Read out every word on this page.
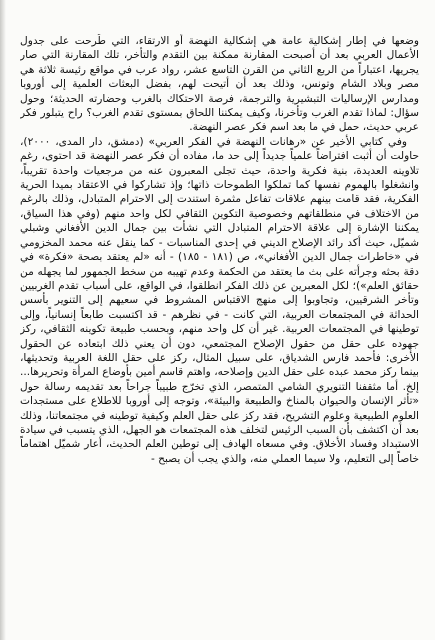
وضعها في إطار إشكالية عامة هي إشكالية النهضة أو الارتقاء، التي طُرحت على جدول الأعمال العربي بعد أن أصبحت المقارنة ممكنة بين التقدم والتأخر، تلك المقارنة التي صار يجريها، اعتباراً من الربع الثاني من القرن التاسع عشر، رواد عرب في مواقع رئيسة ثلاثة هي مصر وبلاد الشام وتونس، وذلك بعد أن أتيحت لهم، بفضل البعثات العلمية إلى أوروبا ومدارس الإرساليات التبشيرية والترجمة، فرصة الاحتكاك بالغرب وحضارته الحديثة؛ وحول سؤال: لماذا تقدم الغرب وتأخرنا، وكيف يمكننا اللحاق بمستوى تقدم الغرب؟ راح يتبلور فكر عربي حديث، حمل في ما بعد اسم فكر عصر النهضة.

وفي كتابي الأخير عن «رهانات النهضة في الفكر العربي» (دمشق، دار المدى، ٢٠٠٠)، حاولت أن أثبت افتراضاً علمياً جديداً إلى حد ما، مفاده أن فكر عصر النهضة قد احتوى، رغم تلاوينه العديدة، بنية فكرية واحدة، حيث تجلى المعبرون عنه من مرجعيات واحدة تقريباً، وانشغلوا بالهموم نفسها كما تملكوا الطموحات ذاتها؛ وإذ تشاركوا في الاعتقاد بميدا الحرية الفكرية، فقد قامت بينهم علاقات تفاعل مثمرة استندت إلى الاحترام المتبادل، وذلك بالرغم من الاختلاف في منطلقاتهم وخصوصية التكوين الثقافي لكل واحد منهم (وفي هذا السياق، يمكننا الإشارة إلى علاقة الاحترام المتبادل التي نشأت بين جمال الدين الأفغاني وشبلي شميّل، حيث أكد رائد الإصلاح الديني في إحدى المناسبات - كما ينقل عنه محمد المخزومي في «خاطرات جمال الدين الأفغاني»، ص (١٨١ - ١٨٥) - أنه «لم يعتقد بصحة «فكرة» في دقة بحثه وجرأته على بث ما يعتقد من الحكمة وعدم تهيبه من سخط الجمهور لما يجهله من حقائق العلم»)؛ لكل المعبرين عن ذلك الفكر انطلقوا، في الواقع، على أسباب تقدم الغربيين وتأخر الشرقيين، وتجاوبوا إلى منهج الاقتباس المشروط في سعيهم إلى التنوير بأسس الحداثة في المجتمعات العربية، التي كانت - في نظرهم - قد اكتسبت طابعاً إنسانياً، وإلى توطينها في المجتمعات العربية. غير أن كل واحد منهم، وبحسب طبيعة تكوينه الثقافي، ركز جهوده على حقل من حقول الإصلاح المجتمعي، دون أن يعني ذلك ابتعاده عن الحقول الأخرى: فأحمد فارس الشدياق، على سبيل المثال، ركز على حقل اللغة العربية وتحديثها، بينما ركز محمد عبده على حقل الدين وإصلاحه، واهتم قاسم أمين بأوضاع المرأة وتحريرها... إلخ. أما مثقفنا التنويري الشامي المتمصر، الذي تخرّج طبيباً جراحاً بعد تقديمه رسالة حول «تأثر الإنسان والحيوان بالمناخ والطبيعة والبيئة»، وتوجه إلى أوروبا للاطلاع على مستجدات العلوم الطبيعية وعلوم التشريح، فقد ركز على حقل العلم وكيفية توطينه في مجتمعاتنا، وذلك بعد أن اكتشف بأن السبب الرئيس لتخلف هذه المجتمعات هو الجهل، الذي يتسبب في سيادة الاستبداد وفساد الأخلاق. وفي مسعاه الهادف إلى توطين العلم الحديث، أعار شميّل اهتماماً خاصاً إلى التعليم، ولا سيما العملي منه، والذي يجب أن يصبح -
